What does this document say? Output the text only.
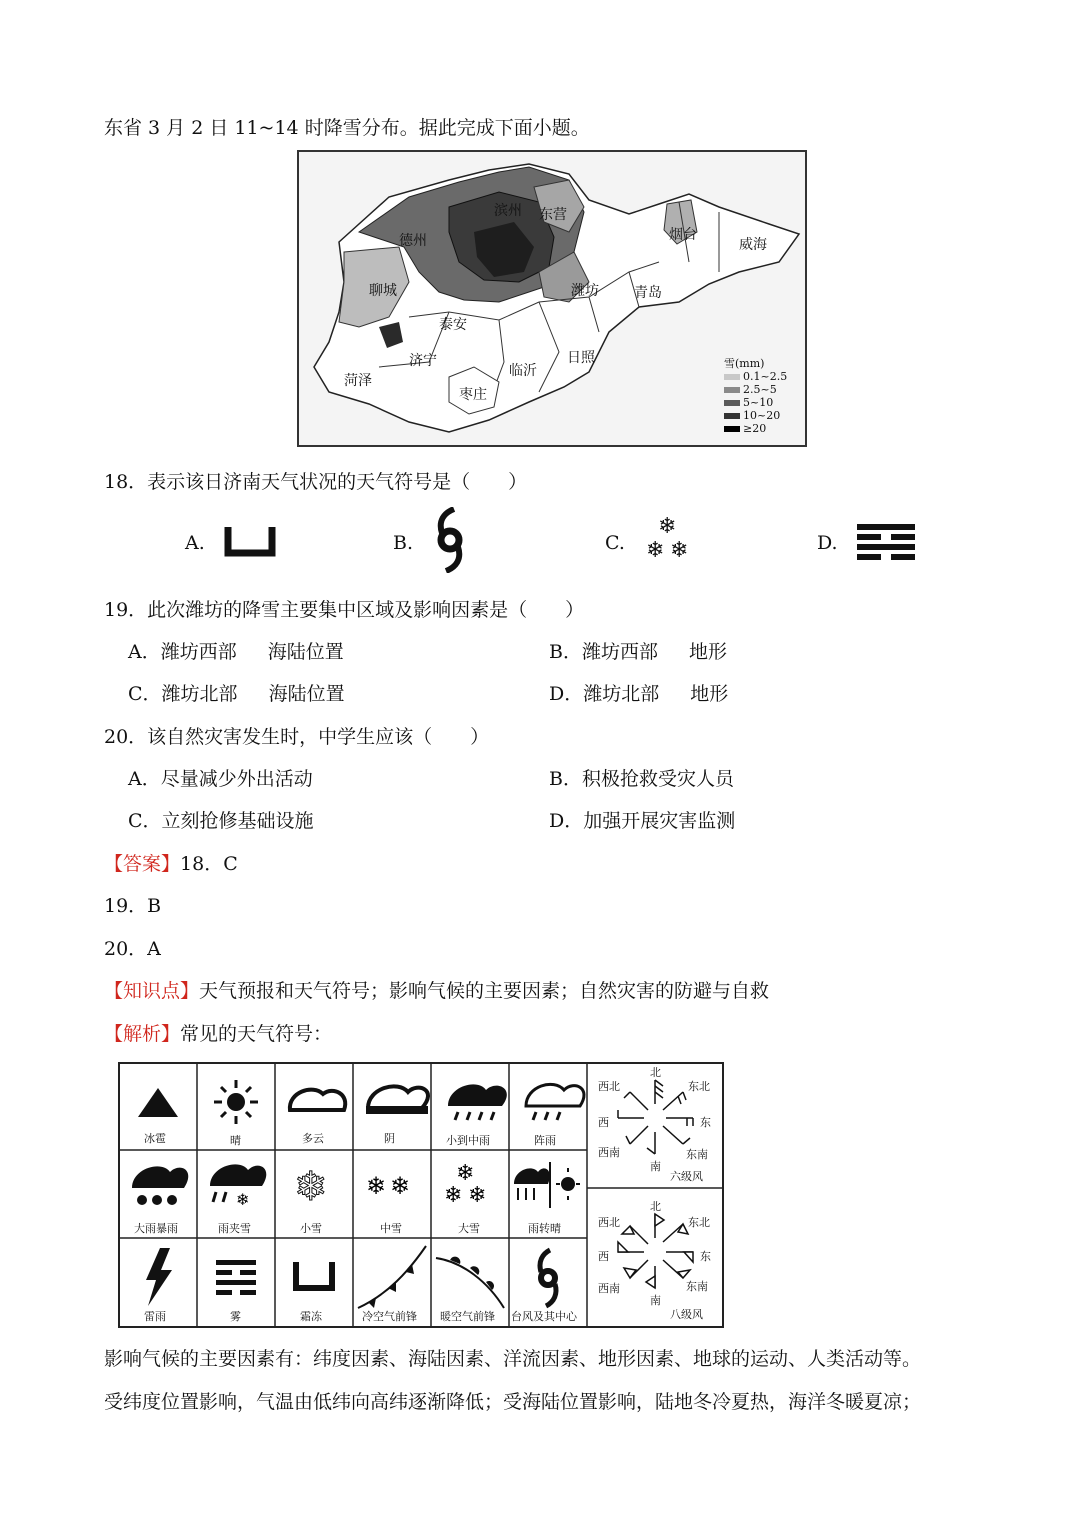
东省 3 月 2 日 11~14 时降雪分布。据此完成下面小题。
滨州 东营
德州
聊城
烟台
威海
潍坊	青岛
泰安
济宁
菏泽
临沂
日照
枣庄
雪(mm)
0.1~2.5
2.5~5
5~10
10~20
≥20
18．表示该日济南天气状况的天气符号是（　　）
A.	B.	C.
❄
❄ ❄	D.
19．此次潍坊的降雪主要集中区域及影响因素是（　　）
A．潍坊西部 海陆位置	B．潍坊西部 地形
C．潍坊北部 海陆位置	D．潍坊北部 地形
20．该自然灾害发生时，中学生应该（　　）
A．尽量减少外出活动	B．积极抢救受灾人员
C．立刻抢修基础设施	D．加强开展灾害监测
【答案】18．C
19．B
20．A
【知识点】天气预报和天气符号；影响气候的主要因素；自然灾害的防避与自救
【解析】常见的天气符号：
❄ ❄ ❄ ❄ ❄
❄ ❄
冰雹	晴	多云	阴	小到中雨	阵雨
大雨暴雨	雨夹雪	小雪	中雪	大雪	雨转晴
雷雨	雾	霜冻	冷空气前锋 暖空气前锋 台风及其中心
北
东北
东
东南
南
西南
西
西北
六级风
北
东北
东
东南
南
西南
西
西北
八级风
影响气候的主要因素有：纬度因素、海陆因素、洋流因素、地形因素、地球的运动、人类活动等。
受纬度位置影响，气温由低纬向高纬逐渐降低；受海陆位置影响，陆地冬冷夏热，海洋冬暖夏凉；
